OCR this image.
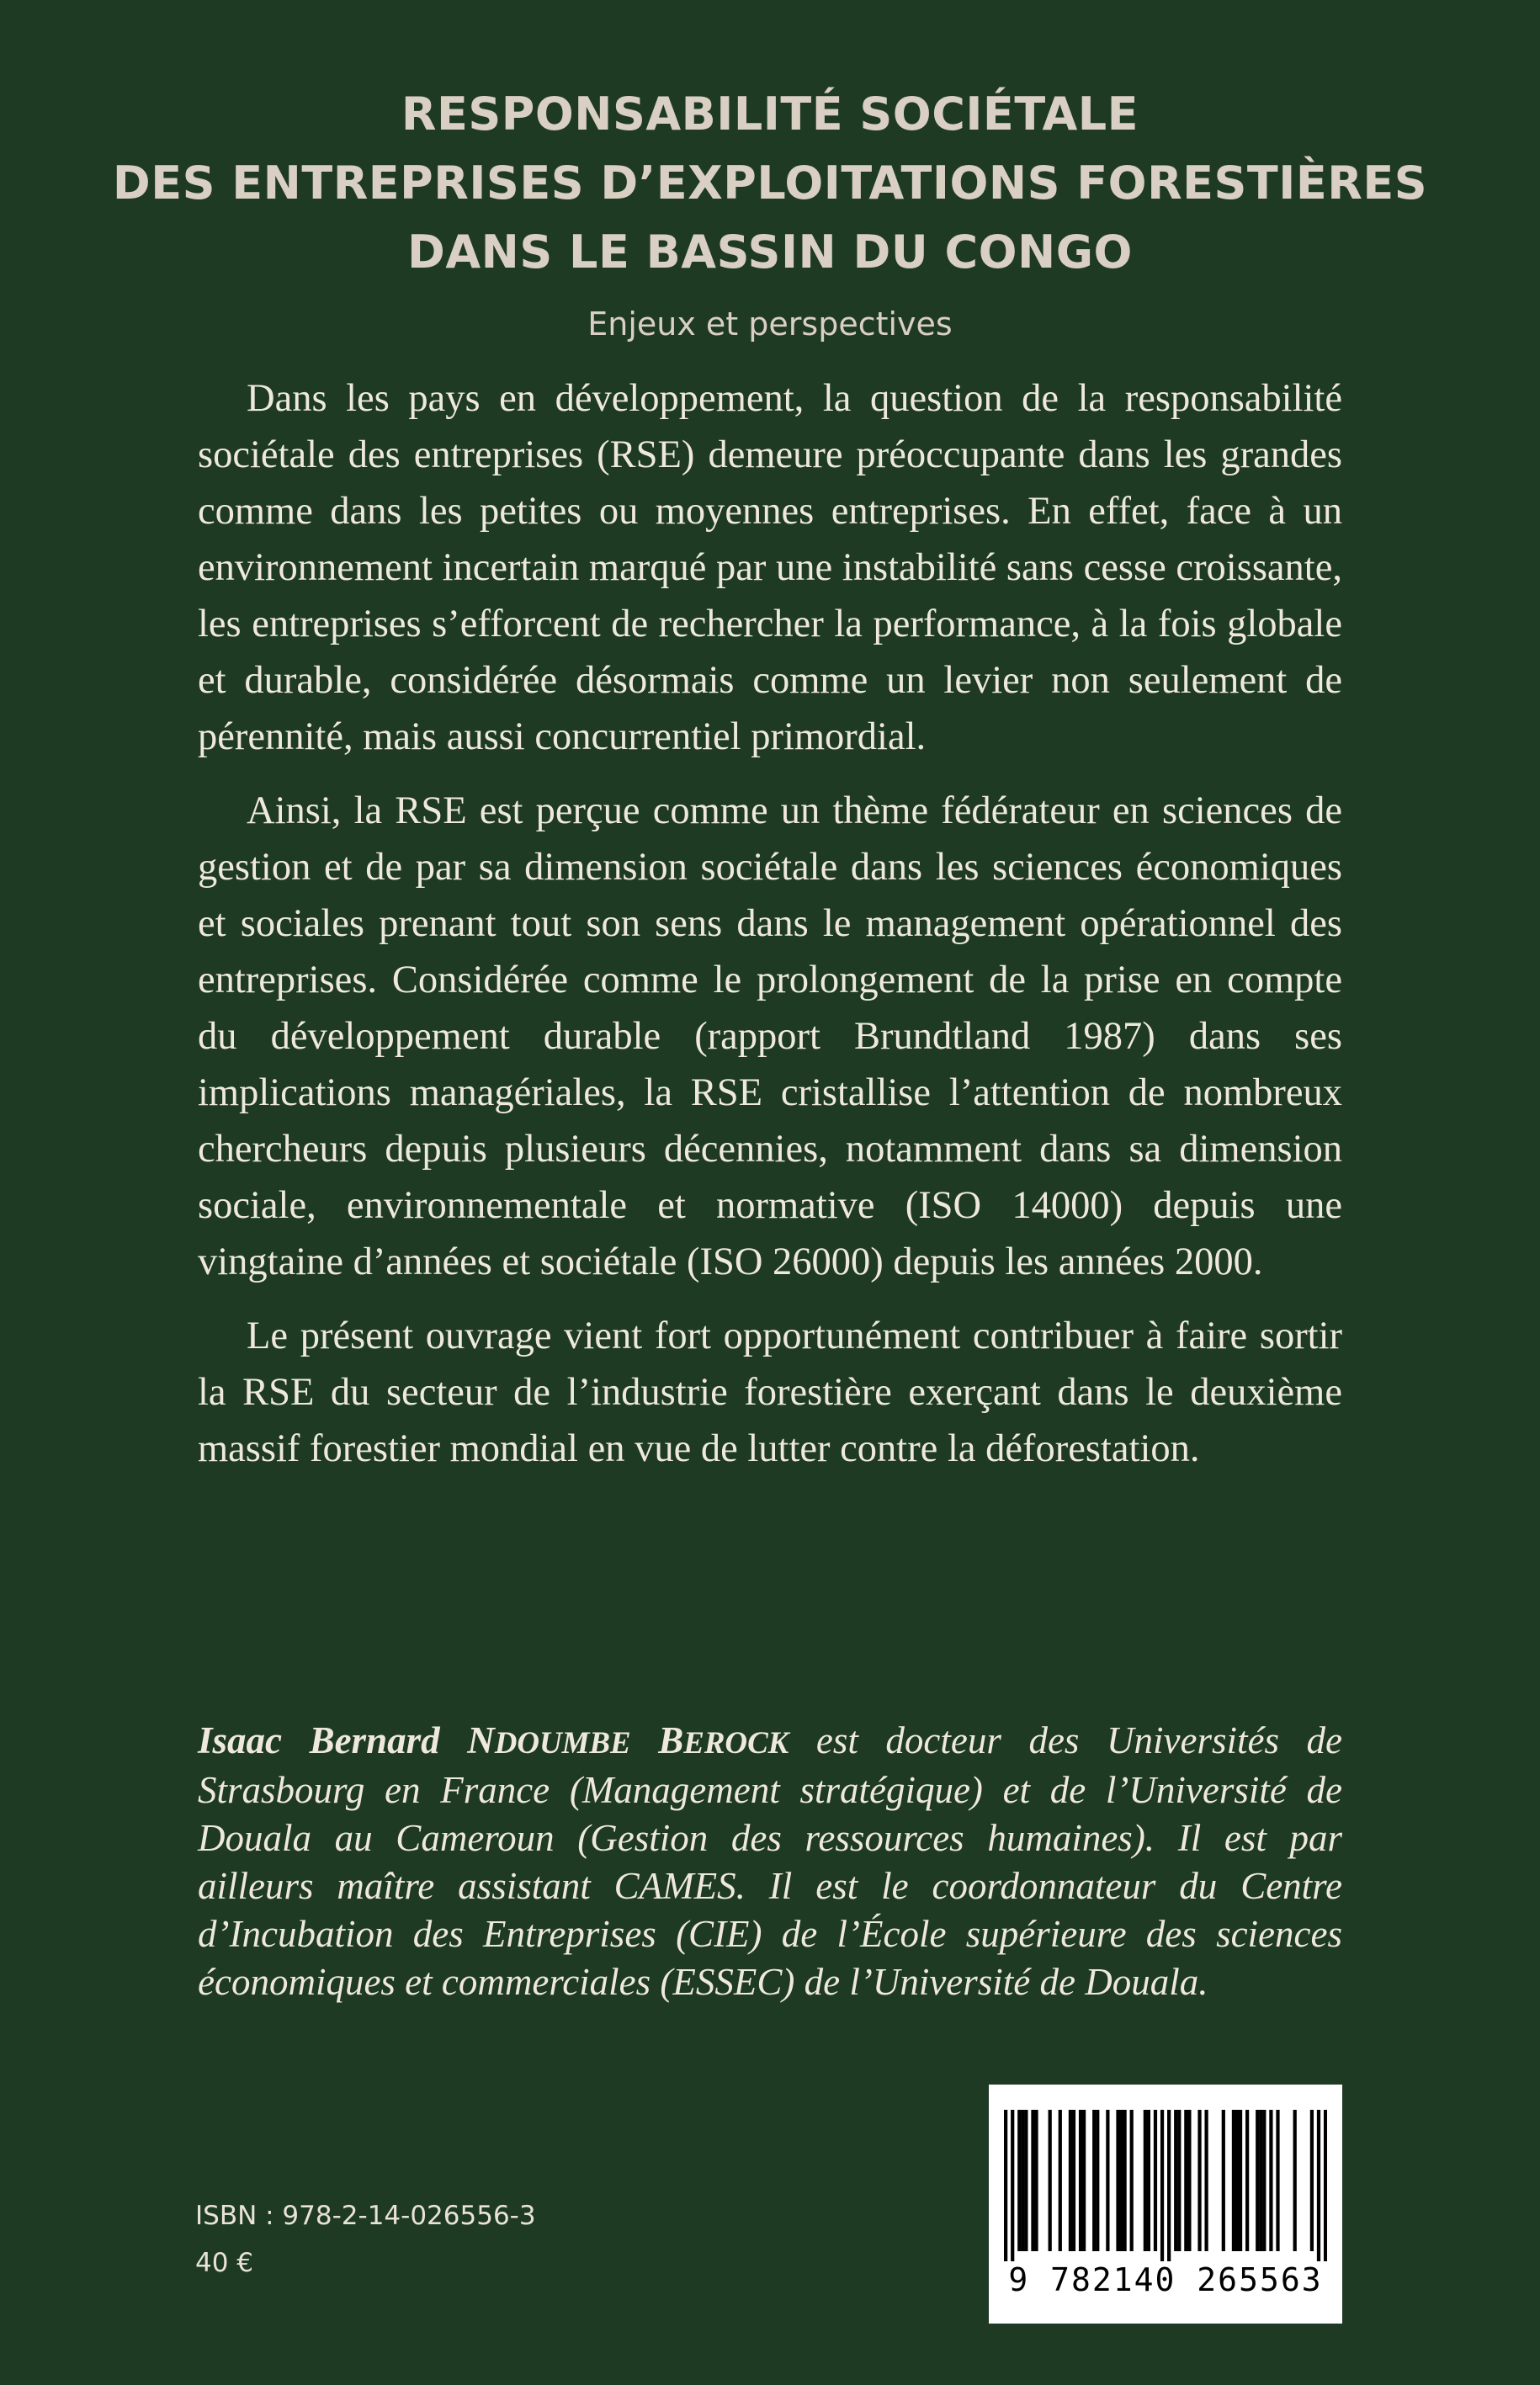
RESPONSABILITÉ SOCIÉTALE
DES ENTREPRISES D’EXPLOITATIONS FORESTIÈRES
DANS LE BASSIN DU CONGO
Enjeux et perspectives

Dans les pays en développement, la question de la responsabilité sociétale des entreprises (RSE) demeure préoccupante dans les grandes comme dans les petites ou moyennes entreprises. En effet, face à un environnement incertain marqué par une instabilité sans cesse croissante, les entreprises s’efforcent de rechercher la performance, à la fois globale et durable, considérée désormais comme un levier non seulement de pérennité, mais aussi concurrentiel primordial.

Ainsi, la RSE est perçue comme un thème fédérateur en sciences de gestion et de par sa dimension sociétale dans les sciences économiques et sociales prenant tout son sens dans le management opérationnel des entreprises. Considérée comme le prolongement de la prise en compte du développement durable (rapport Brundtland 1987) dans ses implications managériales, la RSE cristallise l’attention de nombreux chercheurs depuis plusieurs décennies, notamment dans sa dimension sociale, environnementale et normative (ISO 14000) depuis une vingtaine d’années et sociétale (ISO 26000) depuis les années 2000.

Le présent ouvrage vient fort opportunément contribuer à faire sortir la RSE du secteur de l’industrie forestière exerçant dans le deuxième massif forestier mondial en vue de lutter contre la déforestation.

Isaac Bernard NDOUMBE BEROCK est docteur des Universités de Strasbourg en France (Management stratégique) et de l’Université de Douala au Cameroun (Gestion des ressources humaines). Il est par ailleurs maître assistant CAMES. Il est le coordonnateur du Centre d’Incubation des Entreprises (CIE) de l’École supérieure des sciences économiques et commerciales (ESSEC) de l’Université de Douala.

ISBN : 978-2-14-026556-3
40 €	9 782140 265563
